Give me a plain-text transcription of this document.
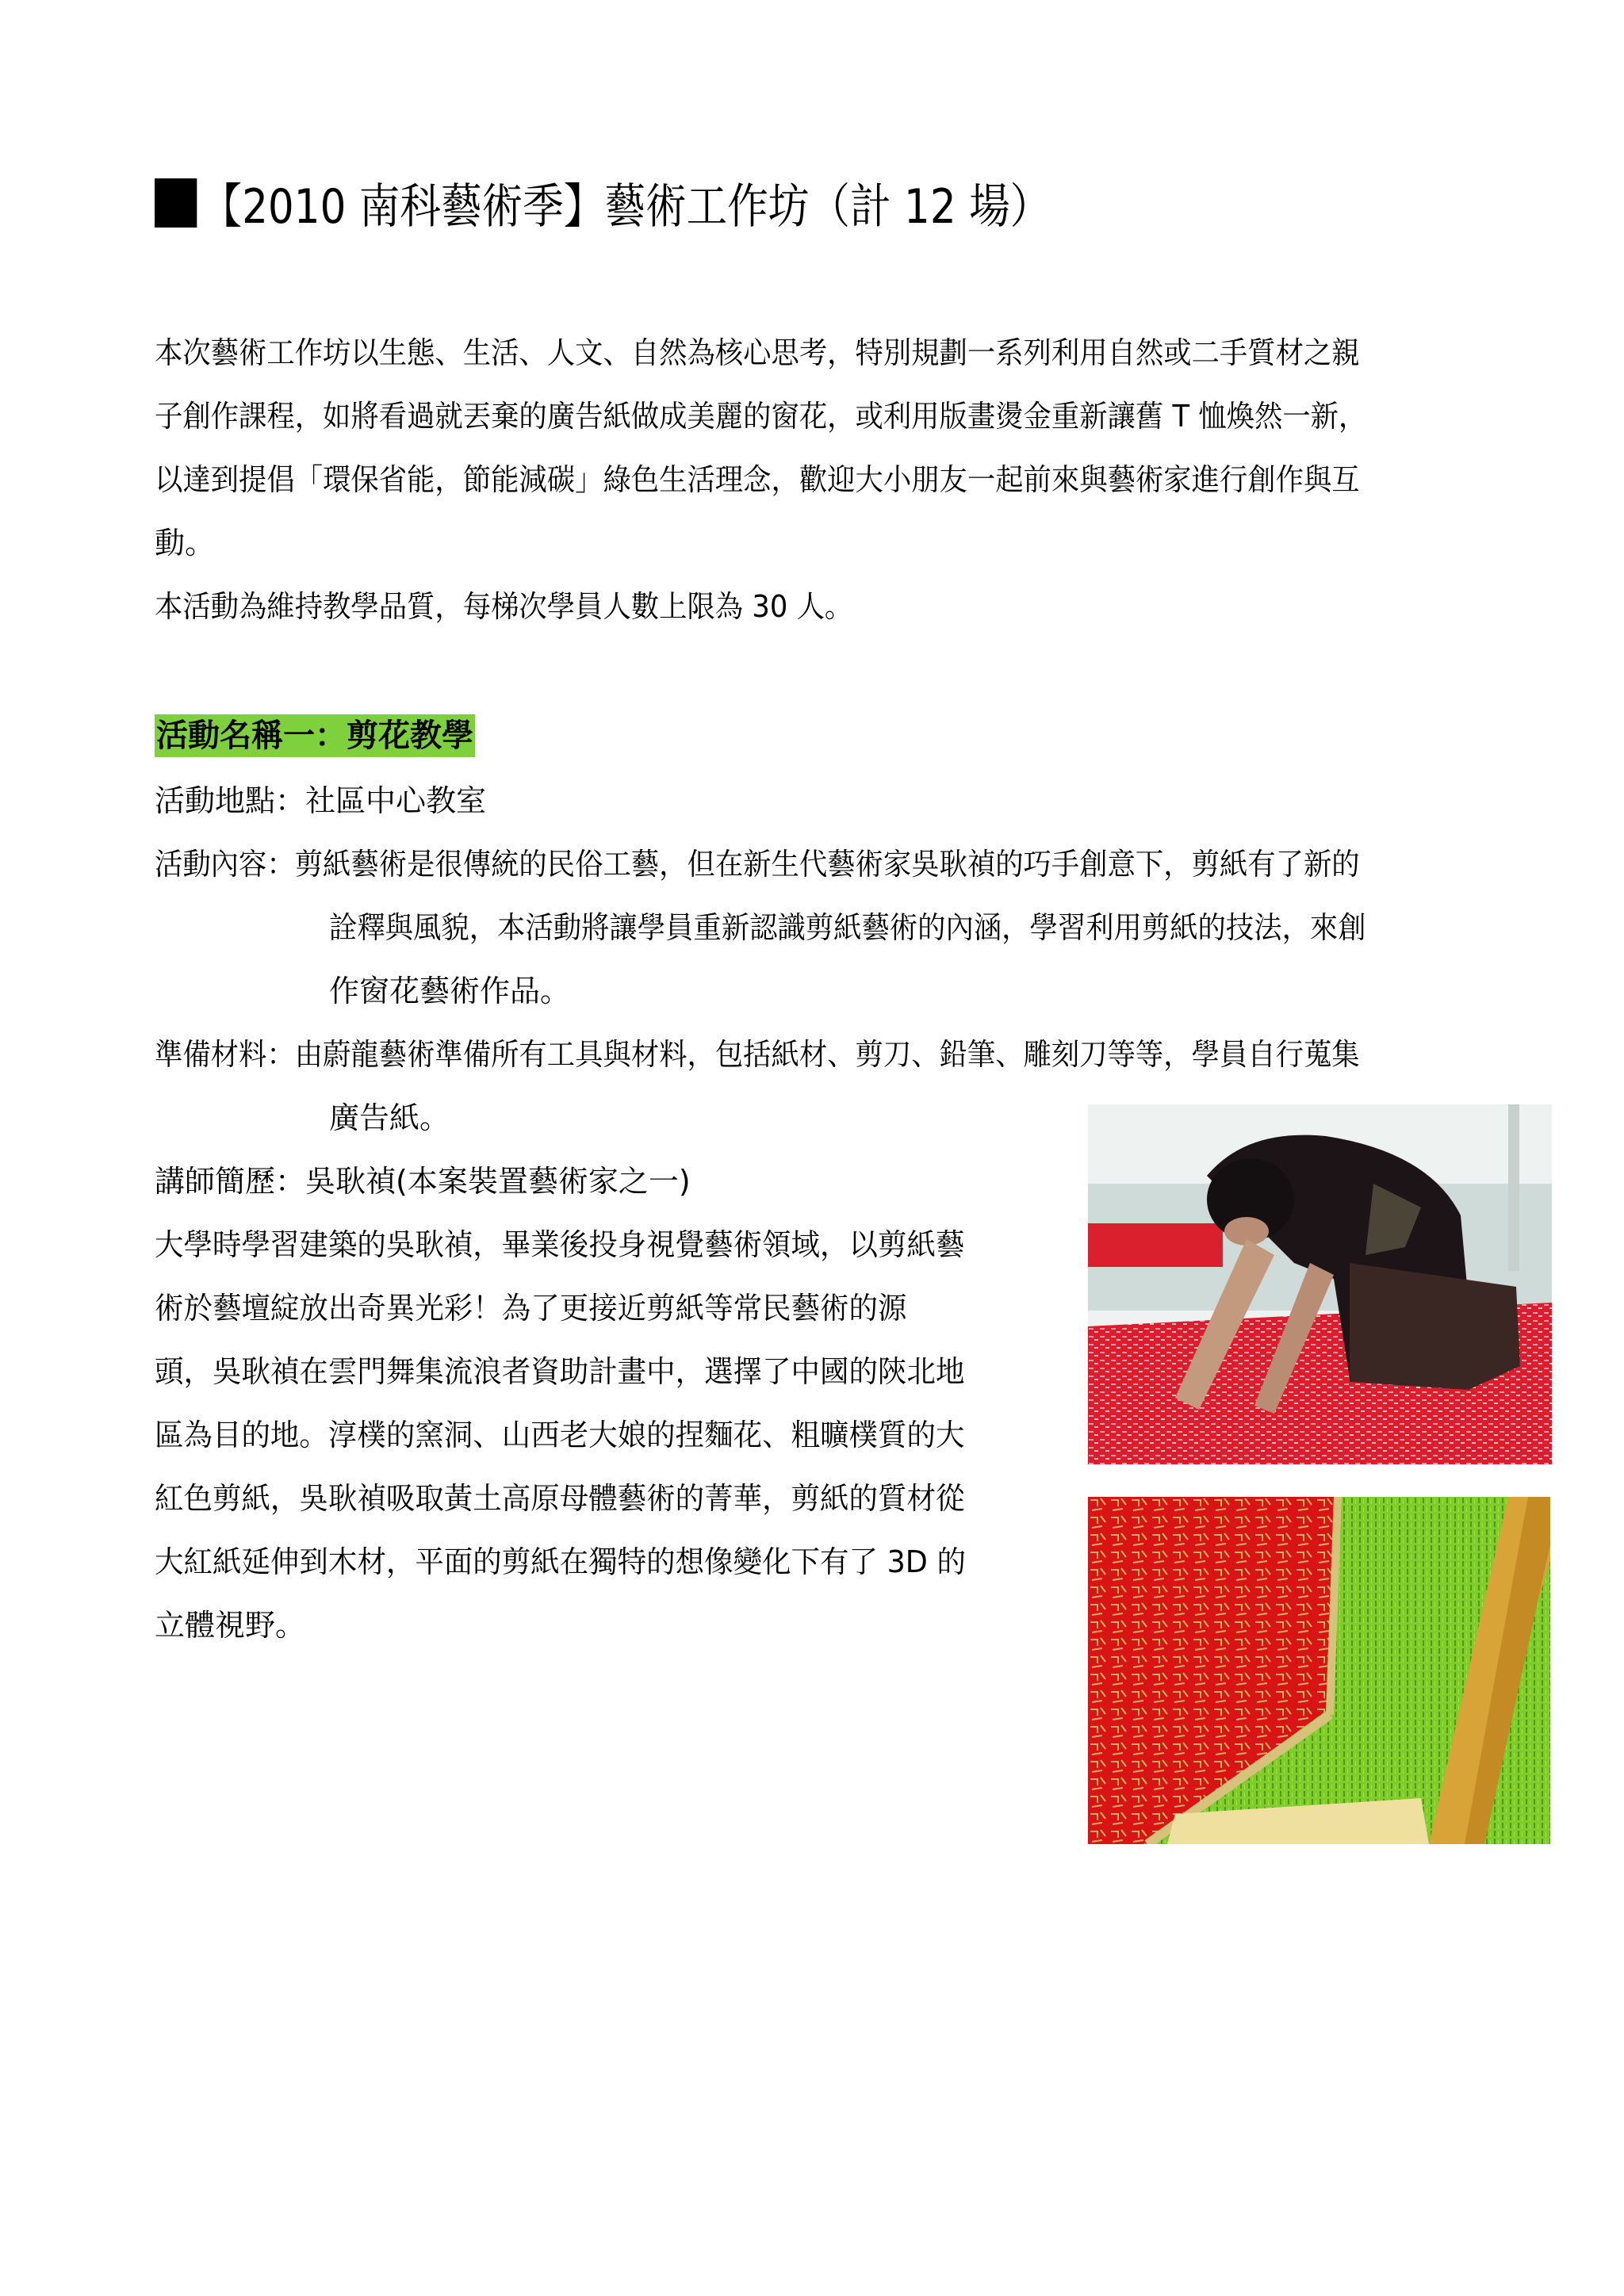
【2010 南科藝術季】藝術工作坊（計 12 場）
本次藝術工作坊以生態、生活、人文、自然為核心思考，特別規劃一系列利用自然或二手質材之親
子創作課程，如將看過就丟棄的廣告紙做成美麗的窗花，或利用版畫燙金重新讓舊 T 恤煥然一新，
以達到提倡「環保省能，節能減碳」綠色生活理念，歡迎大小朋友一起前來與藝術家進行創作與互
動。
本活動為維持教學品質，每梯次學員人數上限為 30 人。
活動名稱一：剪花教學
活動地點：社區中心教室
活動內容：剪紙藝術是很傳統的民俗工藝，但在新生代藝術家吳耿禎的巧手創意下，剪紙有了新的
詮釋與風貌，本活動將讓學員重新認識剪紙藝術的內涵，學習利用剪紙的技法，來創
作窗花藝術作品。
準備材料：由蔚龍藝術準備所有工具與材料，包括紙材、剪刀、鉛筆、雕刻刀等等，學員自行蒐集
廣告紙。
講師簡歷：吳耿禎(本案裝置藝術家之一)
大學時學習建築的吳耿禎，畢業後投身視覺藝術領域，以剪紙藝
術於藝壇綻放出奇異光彩！為了更接近剪紙等常民藝術的源
頭，吳耿禎在雲門舞集流浪者資助計畫中，選擇了中國的陝北地
區為目的地。淳樸的窯洞、山西老大娘的捏麵花、粗曠樸質的大
紅色剪紙，吳耿禎吸取黃土高原母體藝術的菁華，剪紙的質材從
大紅紙延伸到木材，平面的剪紙在獨特的想像變化下有了 3D 的
立體視野。
